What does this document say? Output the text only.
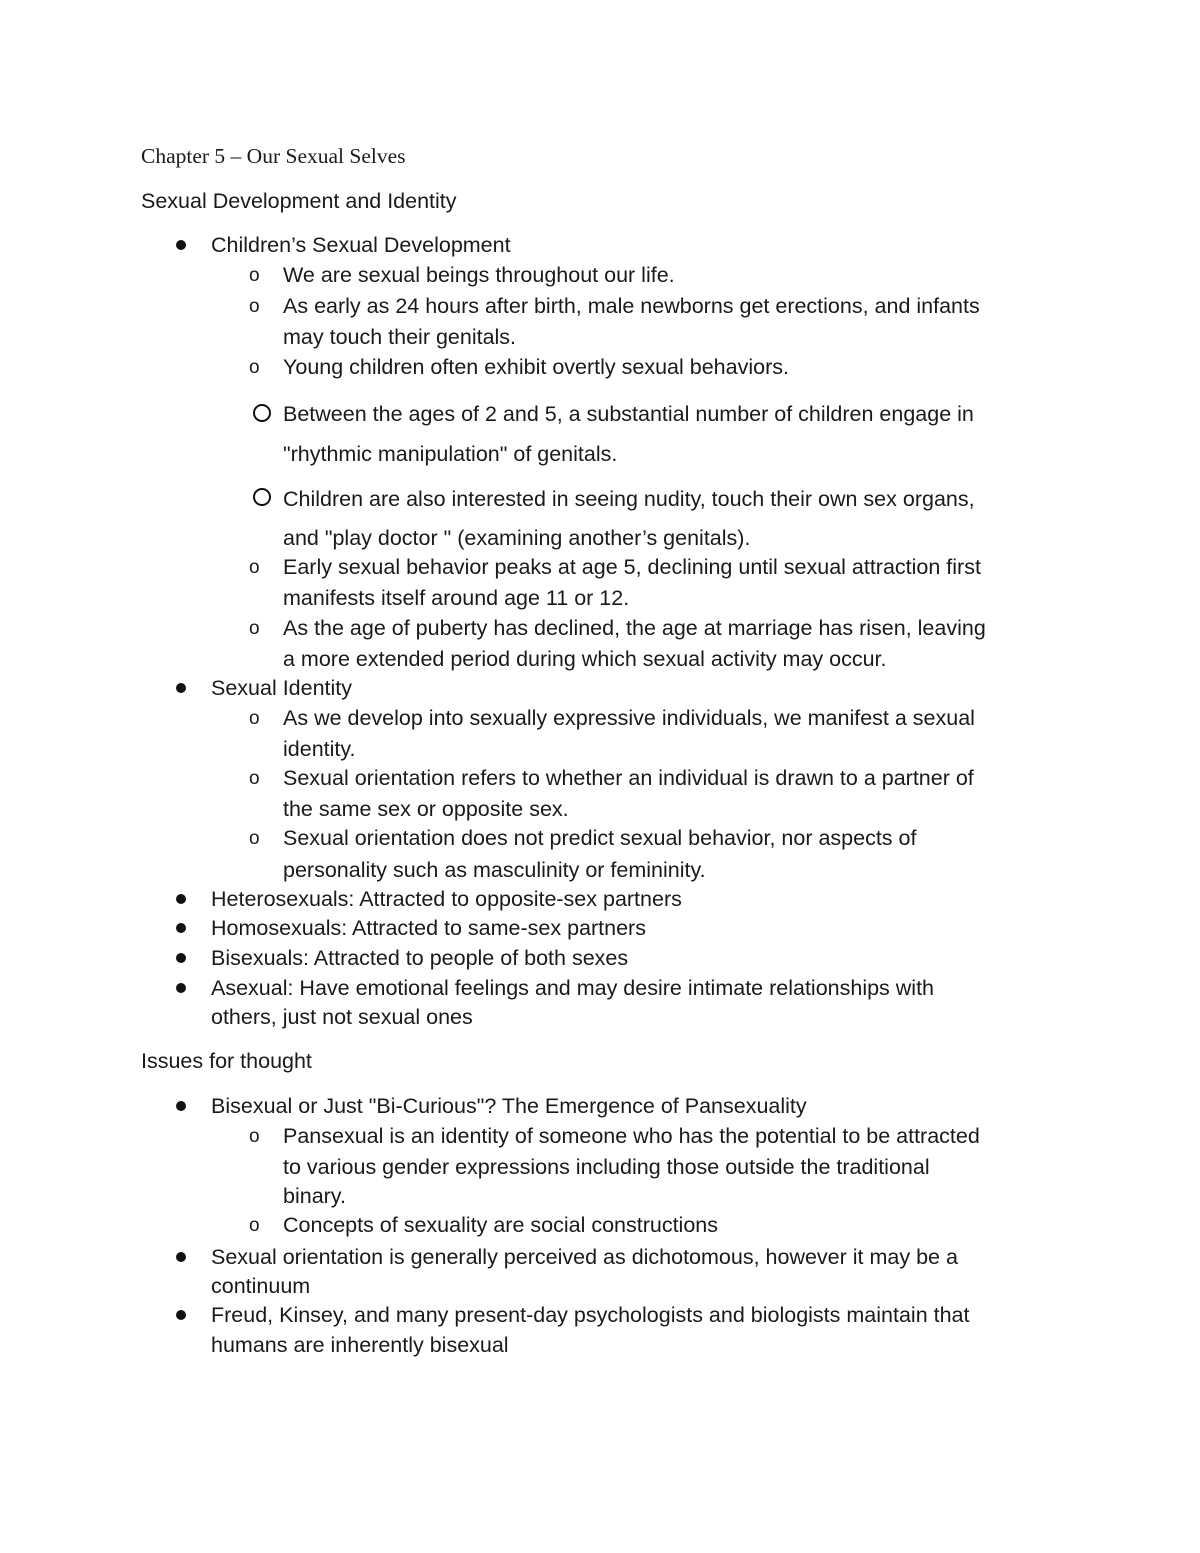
Chapter 5 – Our Sexual Selves
Sexual Development and Identity
Children’s Sexual Development
o We are sexual beings throughout our life.
o As early as 24 hours after birth, male newborns get erections, and infants
may touch their genitals.
o Young children often exhibit overtly sexual behaviors.
Between the ages of 2 and 5, a substantial number of children engage in
"rhythmic manipulation" of genitals.
Children are also interested in seeing nudity, touch their own sex organs,
and "play doctor " (examining another’s genitals).
o Early sexual behavior peaks at age 5, declining until sexual attraction first
manifests itself around age 11 or 12.
o As the age of puberty has declined, the age at marriage has risen, leaving
a more extended period during which sexual activity may occur.
Sexual Identity
o As we develop into sexually expressive individuals, we manifest a sexual
identity.
o Sexual orientation refers to whether an individual is drawn to a partner of
the same sex or opposite sex.
o Sexual orientation does not predict sexual behavior, nor aspects of
personality such as masculinity or femininity.
Heterosexuals: Attracted to opposite-sex partners
Homosexuals: Attracted to same-sex partners
Bisexuals: Attracted to people of both sexes
Asexual: Have emotional feelings and may desire intimate relationships with
others, just not sexual ones
Issues for thought
Bisexual or Just "Bi-Curious"? The Emergence of Pansexuality
o Pansexual is an identity of someone who has the potential to be attracted
to various gender expressions including those outside the traditional
binary.
o Concepts of sexuality are social constructions
Sexual orientation is generally perceived as dichotomous, however it may be a
continuum
Freud, Kinsey, and many present-day psychologists and biologists maintain that
humans are inherently bisexual
